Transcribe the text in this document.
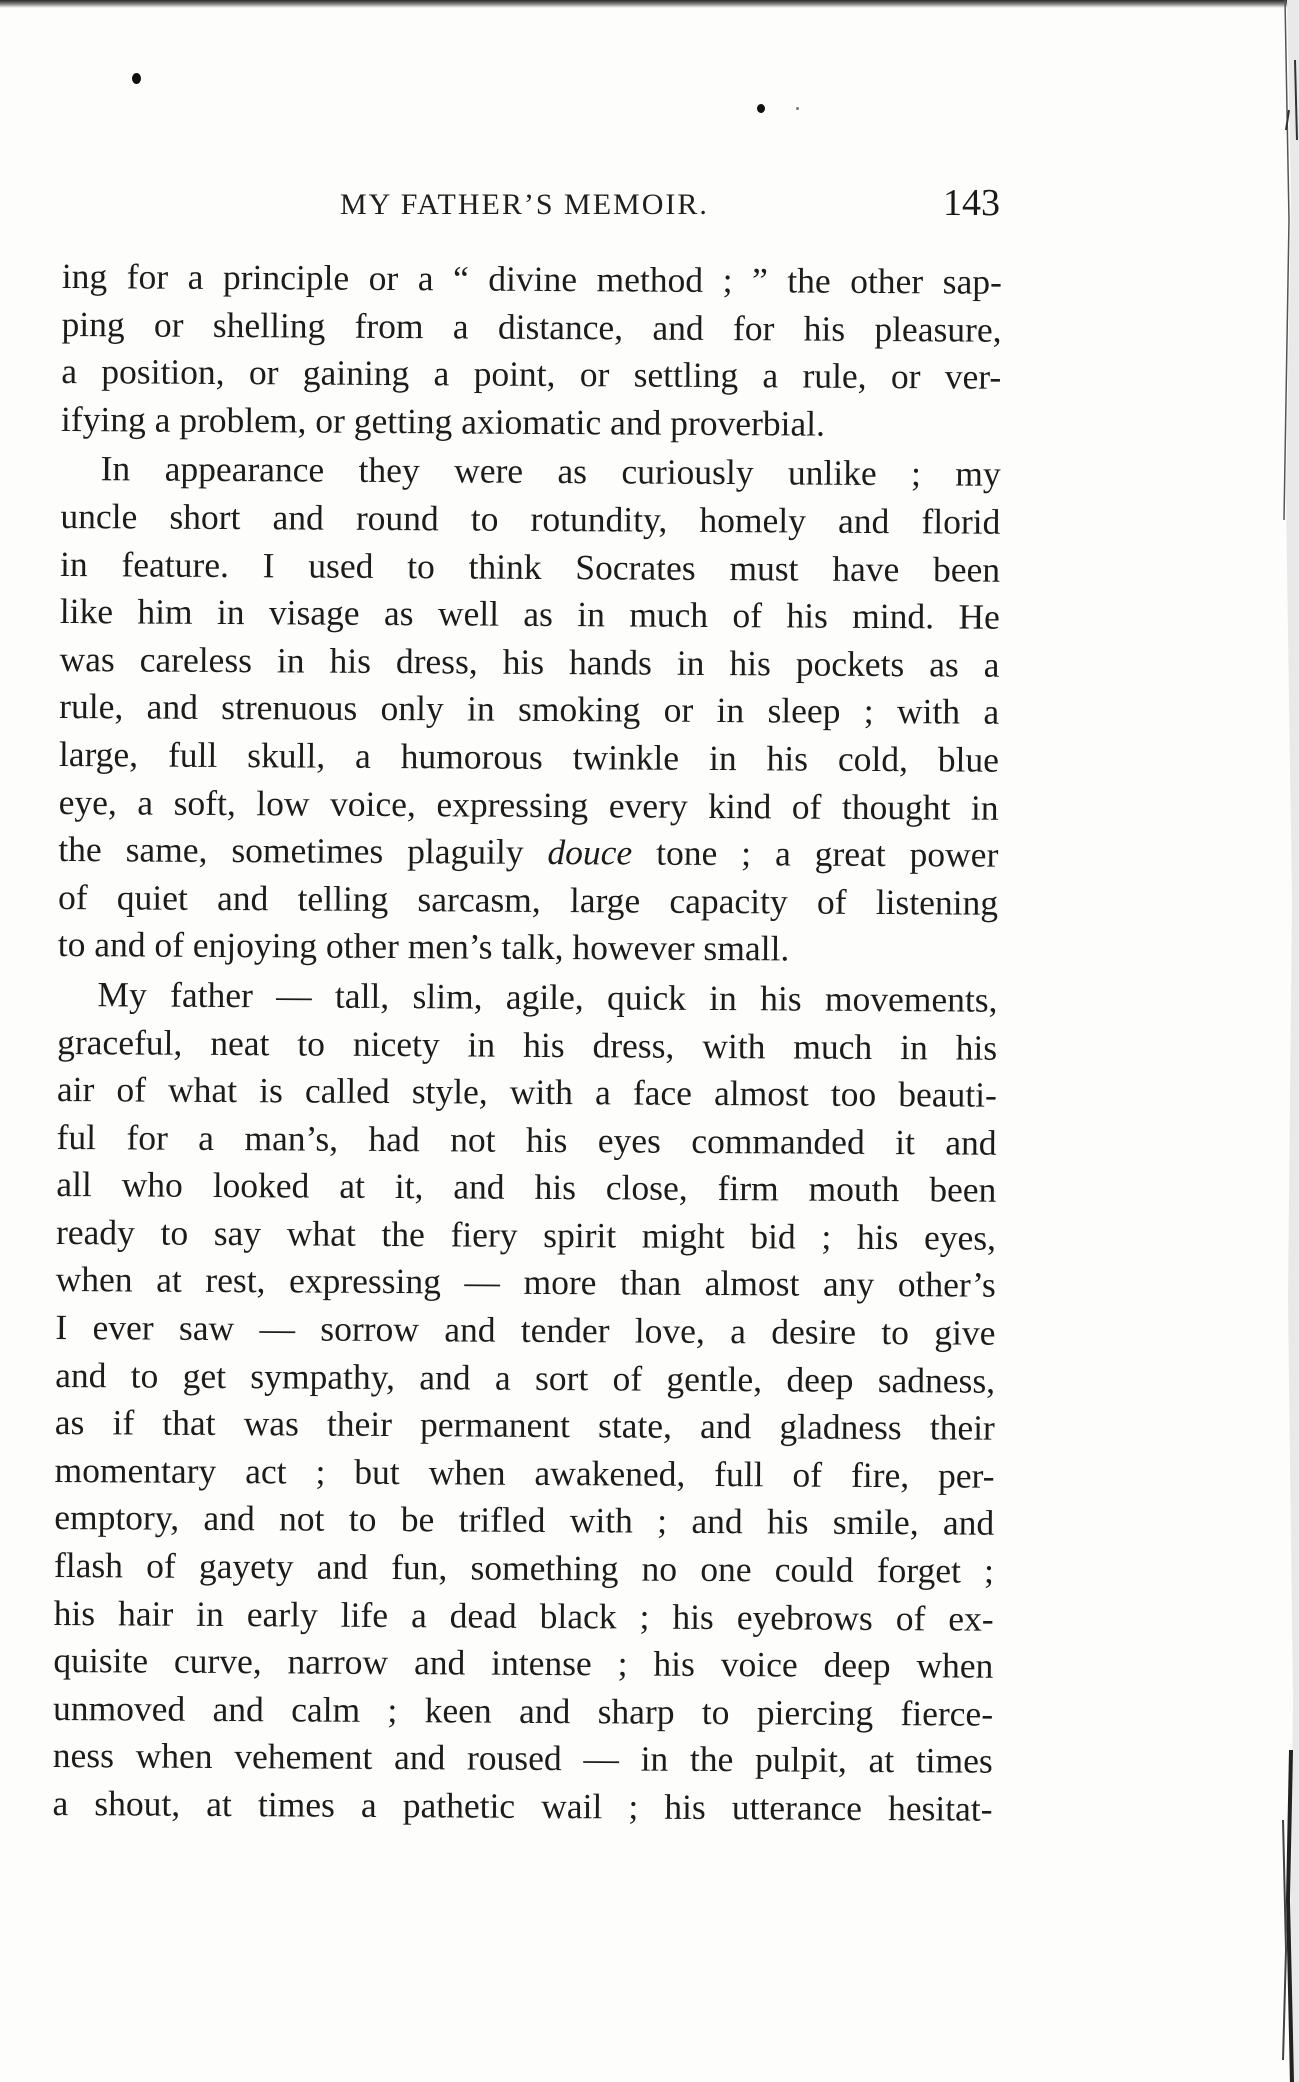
MY FATHER’S MEMOIR.	143
ing for a principle or a “ divine method ; ” the other sap-
ping or shelling from a distance, and for his pleasure,
a position, or gaining a point, or settling a rule, or ver-
ifying a problem, or getting axiomatic and proverbial.
In appearance they were as curiously unlike ; my
uncle short and round to rotundity, homely and florid
in feature. I used to think Socrates must have been
like him in visage as well as in much of his mind. He
was careless in his dress, his hands in his pockets as a
rule, and strenuous only in smoking or in sleep ; with a
large, full skull, a humorous twinkle in his cold, blue
eye, a soft, low voice, expressing every kind of thought in
the same, sometimes plaguily douce tone ; a great power
of quiet and telling sarcasm, large capacity of listening
to and of enjoying other men’s talk, however small.
My father — tall, slim, agile, quick in his movements,
graceful, neat to nicety in his dress, with much in his
air of what is called style, with a face almost too beauti-
ful for a man’s, had not his eyes commanded it and
all who looked at it, and his close, firm mouth been
ready to say what the fiery spirit might bid ; his eyes,
when at rest, expressing — more than almost any other’s
I ever saw — sorrow and tender love, a desire to give
and to get sympathy, and a sort of gentle, deep sadness,
as if that was their permanent state, and gladness their
momentary act ; but when awakened, full of fire, per-
emptory, and not to be trifled with ; and his smile, and
flash of gayety and fun, something no one could forget ;
his hair in early life a dead black ; his eyebrows of ex-
quisite curve, narrow and intense ; his voice deep when
unmoved and calm ; keen and sharp to piercing fierce-
ness when vehement and roused — in the pulpit, at times
a shout, at times a pathetic wail ; his utterance hesitat-
